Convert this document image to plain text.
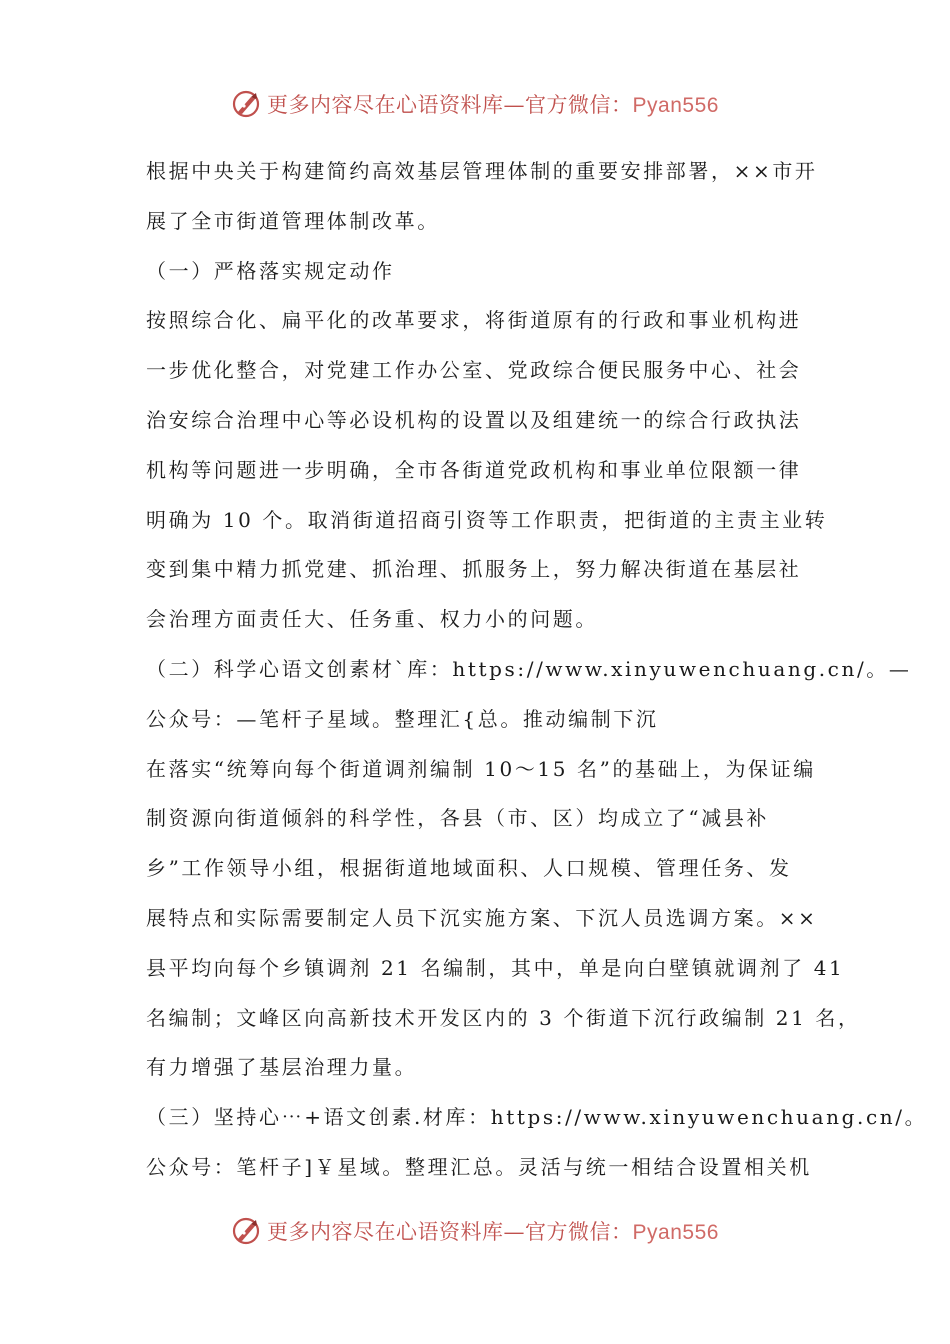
更多内容尽在心语资料库—官方微信：Pyan556
根据中央关于构建简约高效基层管理体制的重要安排部署，××市开
展了全市街道管理体制改革。
（一）严格落实规定动作
按照综合化、扁平化的改革要求，将街道原有的行政和事业机构进
一步优化整合，对党建工作办公室、党政综合便民服务中心、社会
治安综合治理中心等必设机构的设置以及组建统一的综合行政执法
机构等问题进一步明确，全市各街道党政机构和事业单位限额一律
明确为 10 个。取消街道招商引资等工作职责，把街道的主责主业转
变到集中精力抓党建、抓治理、抓服务上，努力解决街道在基层社
会治理方面责任大、任务重、权力小的问题。
（二）科学心语文创素材`库：https://www.xinyuwenchuang.cn/。—
公众号：—笔杆子星域。整理汇{总。推动编制下沉
在落实“统筹向每个街道调剂编制 10～15 名”的基础上，为保证编
制资源向街道倾斜的科学性，各县（市、区）均成立了“减县补
乡”工作领导小组，根据街道地域面积、人口规模、管理任务、发
展特点和实际需要制定人员下沉实施方案、下沉人员选调方案。××
县平均向每个乡镇调剂 21 名编制，其中，单是向白壁镇就调剂了 41
名编制；文峰区向高新技术开发区内的 3 个街道下沉行政编制 21 名，
有力增强了基层治理力量。
（三）坚持心⋯+语文创素.材库：https://www.xinyuwenchuang.cn/。
公众号：笔杆子]￥星域。整理汇总。灵活与统一相结合设置相关机
更多内容尽在心语资料库—官方微信：Pyan556
